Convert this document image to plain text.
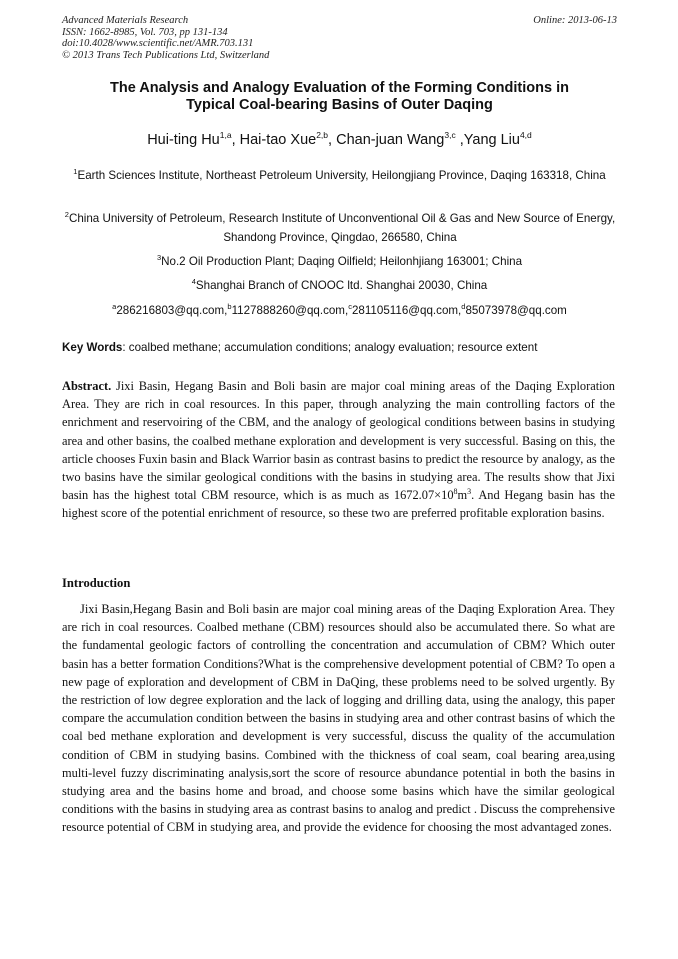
Advanced Materials Research
ISSN: 1662-8985, Vol. 703, pp 131-134
doi:10.4028/www.scientific.net/AMR.703.131
© 2013 Trans Tech Publications Ltd, Switzerland
Online: 2013-06-13
The Analysis and Analogy Evaluation of the Forming Conditions in
Typical Coal-bearing Basins of Outer Daqing
Hui-ting Hu$^{1,a}$, Hai-tao Xue$^{2,b}$, Chan-juan Wang$^{3,c}$ ,Yang Liu$^{4,d}$
$^1$Earth Sciences Institute, Northeast Petroleum University, Heilongjiang Province, Daqing 163318, China
$^2$China University of Petroleum, Research Institute of Unconventional Oil & Gas and New Source of Energy, Shandong Province, Qingdao, 266580, China
$^3$No.2 Oil Production Plant; Daqing Oilfield; Heilonhjiang 163001; China
$^4$Shanghai Branch of CNOOC ltd. Shanghai 20030, China
$^a$286216803@qq.com,$^b$1127888260@qq.com,$^c$281105116@qq.com,$^d$85073978@qq.com
Key Words: coalbed methane; accumulation conditions; analogy evaluation; resource extent
Abstract. Jixi Basin, Hegang Basin and Boli basin are major coal mining areas of the Daqing Exploration Area. They are rich in coal resources. In this paper, through analyzing the main controlling factors of the enrichment and reservoiring of the CBM, and the analogy of geological conditions between basins in studying area and other basins, the coalbed methane exploration and development is very successful. Basing on this, the article chooses Fuxin basin and Black Warrior basin as contrast basins to predict the resource by analogy, as the two basins have the similar geological conditions with the basins in studying area. The results show that Jixi basin has the highest total CBM resource, which is as much as $1672.07\times 10^8m^3$. And Hegang basin has the highest score of the potential enrichment of resource, so these two are preferred profitable exploration basins.
Introduction
Jixi Basin,Hegang Basin and Boli basin are major coal mining areas of the Daqing Exploration Area. They are rich in coal resources. Coalbed methane (CBM) resources should also be accumulated there. So what are the fundamental geologic factors of controlling the concentration and accumulation of CBM? Which outer basin has a better formation Conditions?What is the comprehensive development potential of CBM? To open a new page of exploration and development of CBM in DaQing, these problems need to be solved urgently. By the restriction of low degree exploration and the lack of logging and drilling data, using the analogy, this paper compare the accumulation condition between the basins in studying area and other contrast basins of which the coal bed methane exploration and development is very successful, discuss the quality of the accumulation condition of CBM in studying basins. Combined with the thickness of coal seam, coal bearing area,using multi-level fuzzy discriminating analysis,sort the score of resource abundance potential in both the basins in studying area and the basins home and broad, and choose some basins which have the similar geological conditions with the basins in studying area as contrast basins to analog and predict . Discuss the comprehensive resource potential of CBM in studying area, and provide the evidence for choosing the most advantaged zones.
